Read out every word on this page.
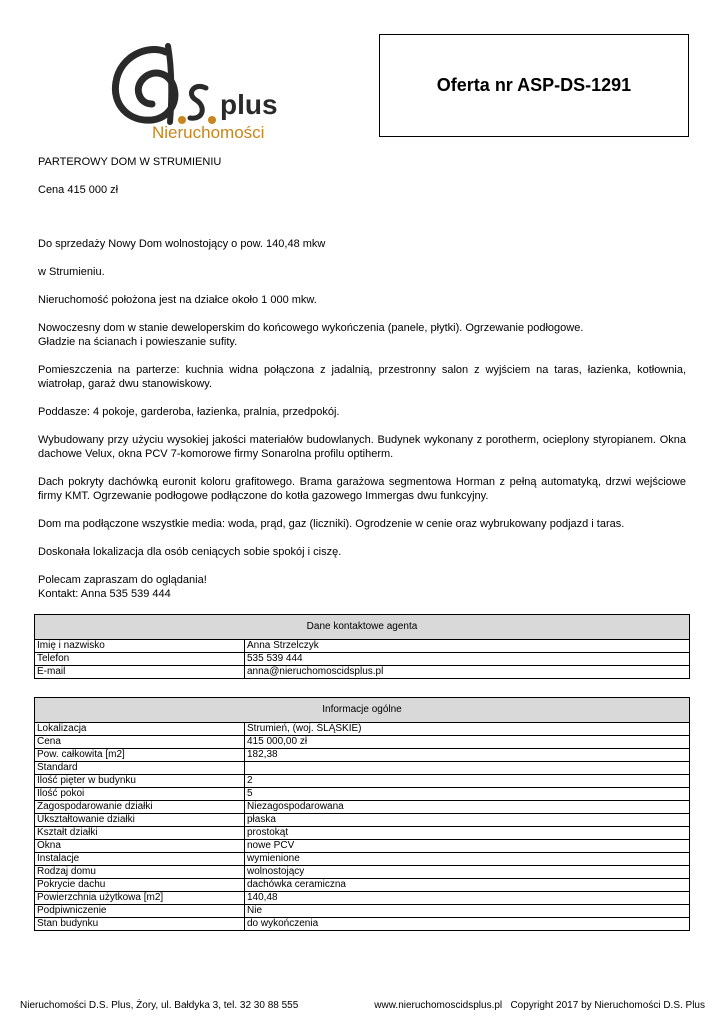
plus
Nieruchomości
Oferta nr ASP-DS-1291

PARTEROWY DOM W STRUMIENIU

Cena 415 000 zł

Do sprzedaży Nowy Dom wolnostojący o pow. 140,48 mkw

w Strumieniu.

Nieruchomość położona jest na działce około 1 000 mkw.

Nowoczesny dom w stanie deweloperskim do końcowego wykończenia (panele, płytki). Ogrzewanie podłogowe.

Gładzie na ścianach i powieszanie sufity.

Pomieszczenia na parterze: kuchnia widna połączona z jadalnią, przestronny salon z wyjściem na taras, łazienka, kotłownia, wiatrołap, garaż dwu stanowiskowy.

Poddasze: 4 pokoje, garderoba, łazienka, pralnia, przedpokój.

Wybudowany przy użyciu wysokiej jakości materiałów budowlanych. Budynek wykonany z porotherm, ocieplony styropianem. Okna dachowe Velux, okna PCV 7-komorowe firmy Sonarolna profilu optiherm.

Dach pokryty dachówką euronit koloru grafitowego. Brama garażowa segmentowa Horman z pełną automatyką, drzwi wejściowe firmy KMT. Ogrzewanie podłogowe podłączone do kotła gazowego Immergas dwu funkcyjny.

Dom ma podłączone wszystkie media: woda, prąd, gaz (liczniki). Ogrodzenie w cenie oraz wybrukowany podjazd i taras.

Doskonała lokalizacja dla osób ceniących sobie spokój i ciszę.

Polecam zapraszam do oglądania!

Kontakt: Anna 535 539 444

Dane kontaktowe agenta	
Imię i nazwisko	Anna Strzelczyk
Telefon	535 539 444
E-mail	anna@nieruchomoscidsplus.pl
Informacje ogólne	
Lokalizacja	Strumień, (woj. ŚLĄSKIE)
Cena	415 000,00 zł
Pow. całkowita [m2]	182,38
Standard	
Ilość pięter w budynku	2
Ilość pokoi	5
Zagospodarowanie działki	Niezagospodarowana
Ukształtowanie działki	płaska
Kształt działki	prostokąt
Okna	nowe PCV
Instalacje	wymienione
Rodzaj domu	wolnostojący
Pokrycie dachu	dachówka ceramiczna
Powierzchnia użytkowa [m2]	140,48
Podpiwniczenie	Nie
Stan budynku	do wykończenia
Nieruchomości D.S. Plus, Żory, ul. Bałdyka 3, tel. 32 30 88 555	www.nieruchomoscidsplus.pl   Copyright 2017 by Nieruchomości D.S. Plus
